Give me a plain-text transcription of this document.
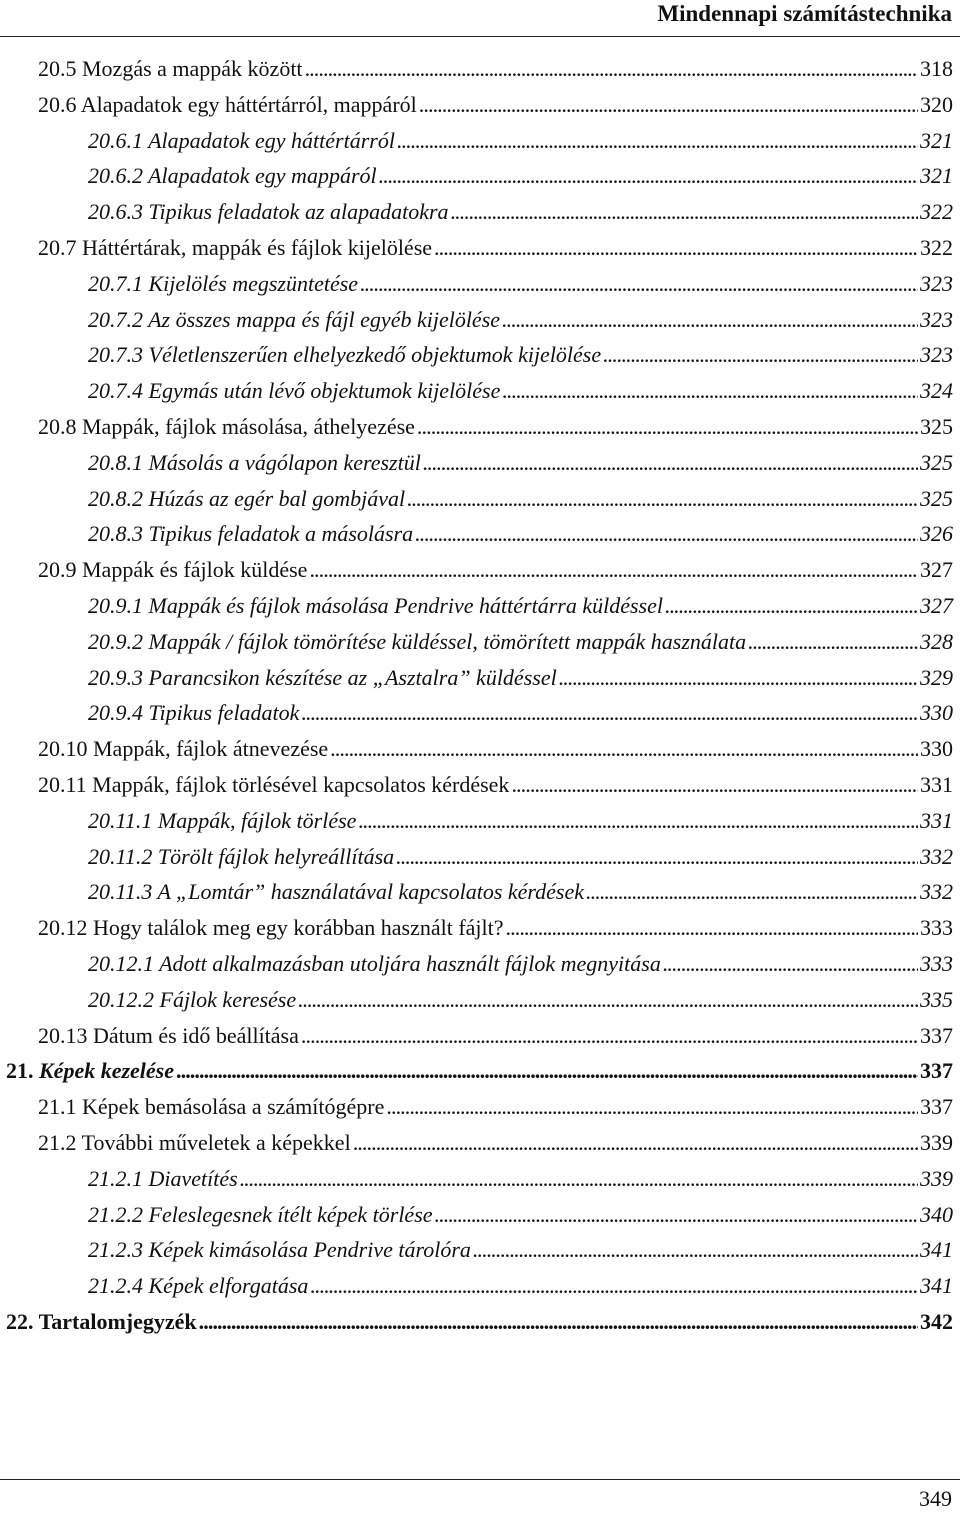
Mindennapi számítástechnika
20.5 Mozgás a mappák között . . .	318
20.6 Alapadatok egy háttértárról, mappáról . . .	320
20.6.1 Alapadatok egy háttértárról . . .	321
20.6.2 Alapadatok egy mappáról . . .	321
20.6.3 Tipikus feladatok az alapadatokra . . .	322
20.7 Háttértárak, mappák és fájlok kijelölése . . .	322
20.7.1 Kijelölés megszüntetése . . .	323
20.7.2 Az összes mappa és fájl egyéb kijelölése . . .	323
20.7.3 Véletlenszerűen elhelyezkedő objektumok kijelölése . . .	323
20.7.4 Egymás után lévő objektumok kijelölése . . .	324
20.8 Mappák, fájlok másolása, áthelyezése . . .	325
20.8.1 Másolás a vágólapon keresztül . . .	325
20.8.2 Húzás az egér bal gombjával . . .	325
20.8.3 Tipikus feladatok a másolásra . . .	326
20.9 Mappák és fájlok küldése . . .	327
20.9.1 Mappák és fájlok másolása Pendrive háttértárra küldéssel . . .	327
20.9.2 Mappák / fájlok tömörítése küldéssel, tömörített mappák használata . . .	328
20.9.3 Parancsikon készítése az „Asztalra” küldéssel . . .	329
20.9.4 Tipikus feladatok . . .	330
20.10 Mappák, fájlok átnevezése . . .	330
20.11 Mappák, fájlok törlésével kapcsolatos kérdések . . .	331
20.11.1 Mappák, fájlok törlése . . .	331
20.11.2 Törölt fájlok helyreállítása . . .	332
20.11.3 A „Lomtár” használatával kapcsolatos kérdések . . .	332
20.12 Hogy találok meg egy korábban használt fájlt? . . .	333
20.12.1 Adott alkalmazásban utoljára használt fájlok megnyitása . . .	333
20.12.2 Fájlok keresése . . .	335
20.13 Dátum és idő beállítása . . .	337
21. Képek kezelése . . .	337
21.1 Képek bemásolása a számítógépre . . .	337
21.2 További műveletek a képekkel . . .	339
21.2.1 Diavetítés . . .	339
21.2.2 Feleslegesnek ítélt képek törlése . . .	340
21.2.3 Képek kimásolása Pendrive tárolóra . . .	341
21.2.4 Képek elforgatása . . .	341
22. Tartalomjegyzék . . .	342
349
